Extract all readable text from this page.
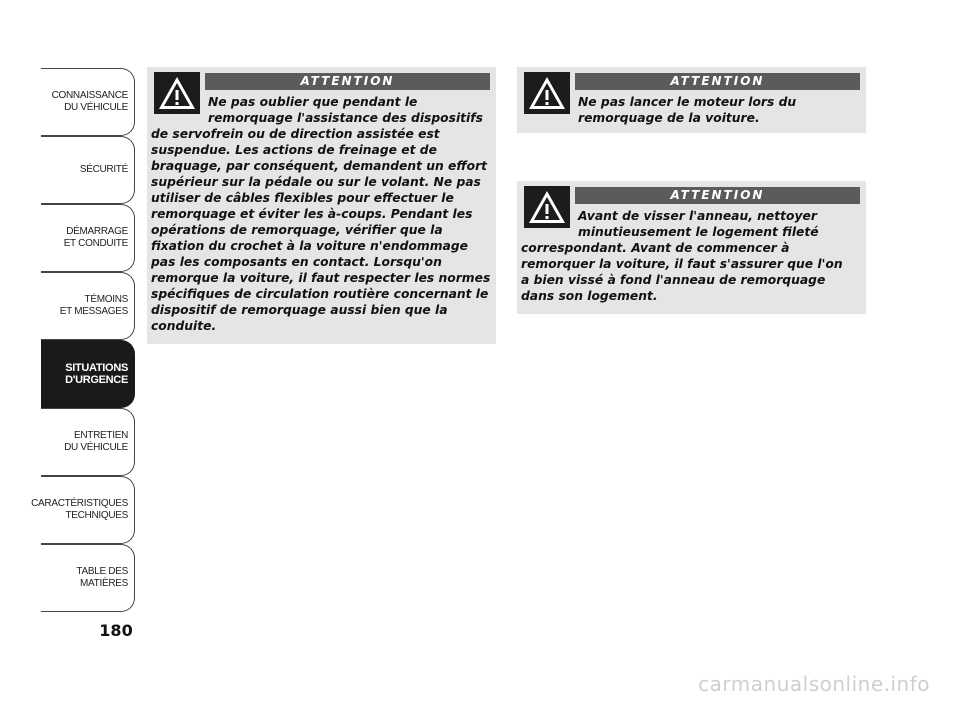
CONNAISSANCE
DU VÉHICULE
SÉCURITÉ
DÉMARRAGE
ET CONDUITE
TÉMOINS
ET MESSAGES
SITUATIONS
D'URGENCE
ENTRETIEN
DU VÉHICULE
CARACTÉRISTIQUES
TECHNIQUES
TABLE DES
MATIÈRES
180
ATTENTION
Ne pas oublier que pendant le
remorquage l'assistance des dispositifs
de servofrein ou de direction assistée est
suspendue. Les actions de freinage et de
braquage, par conséquent, demandent un effort
supérieur sur la pédale ou sur le volant. Ne pas
utiliser de câbles flexibles pour effectuer le
remorquage et éviter les à-coups. Pendant les
opérations de remorquage, vérifier que la
fixation du crochet à la voiture n'endommage
pas les composants en contact. Lorsqu'on
remorque la voiture, il faut respecter les normes
spécifiques de circulation routière concernant le
dispositif de remorquage aussi bien que la
conduite.
ATTENTION
Ne pas lancer le moteur lors du
remorquage de la voiture.
ATTENTION
Avant de visser l'anneau, nettoyer
minutieusement le logement fileté
correspondant. Avant de commencer à
remorquer la voiture, il faut s'assurer que l'on
a bien vissé à fond l'anneau de remorquage
dans son logement.
carmanualsonline.info
